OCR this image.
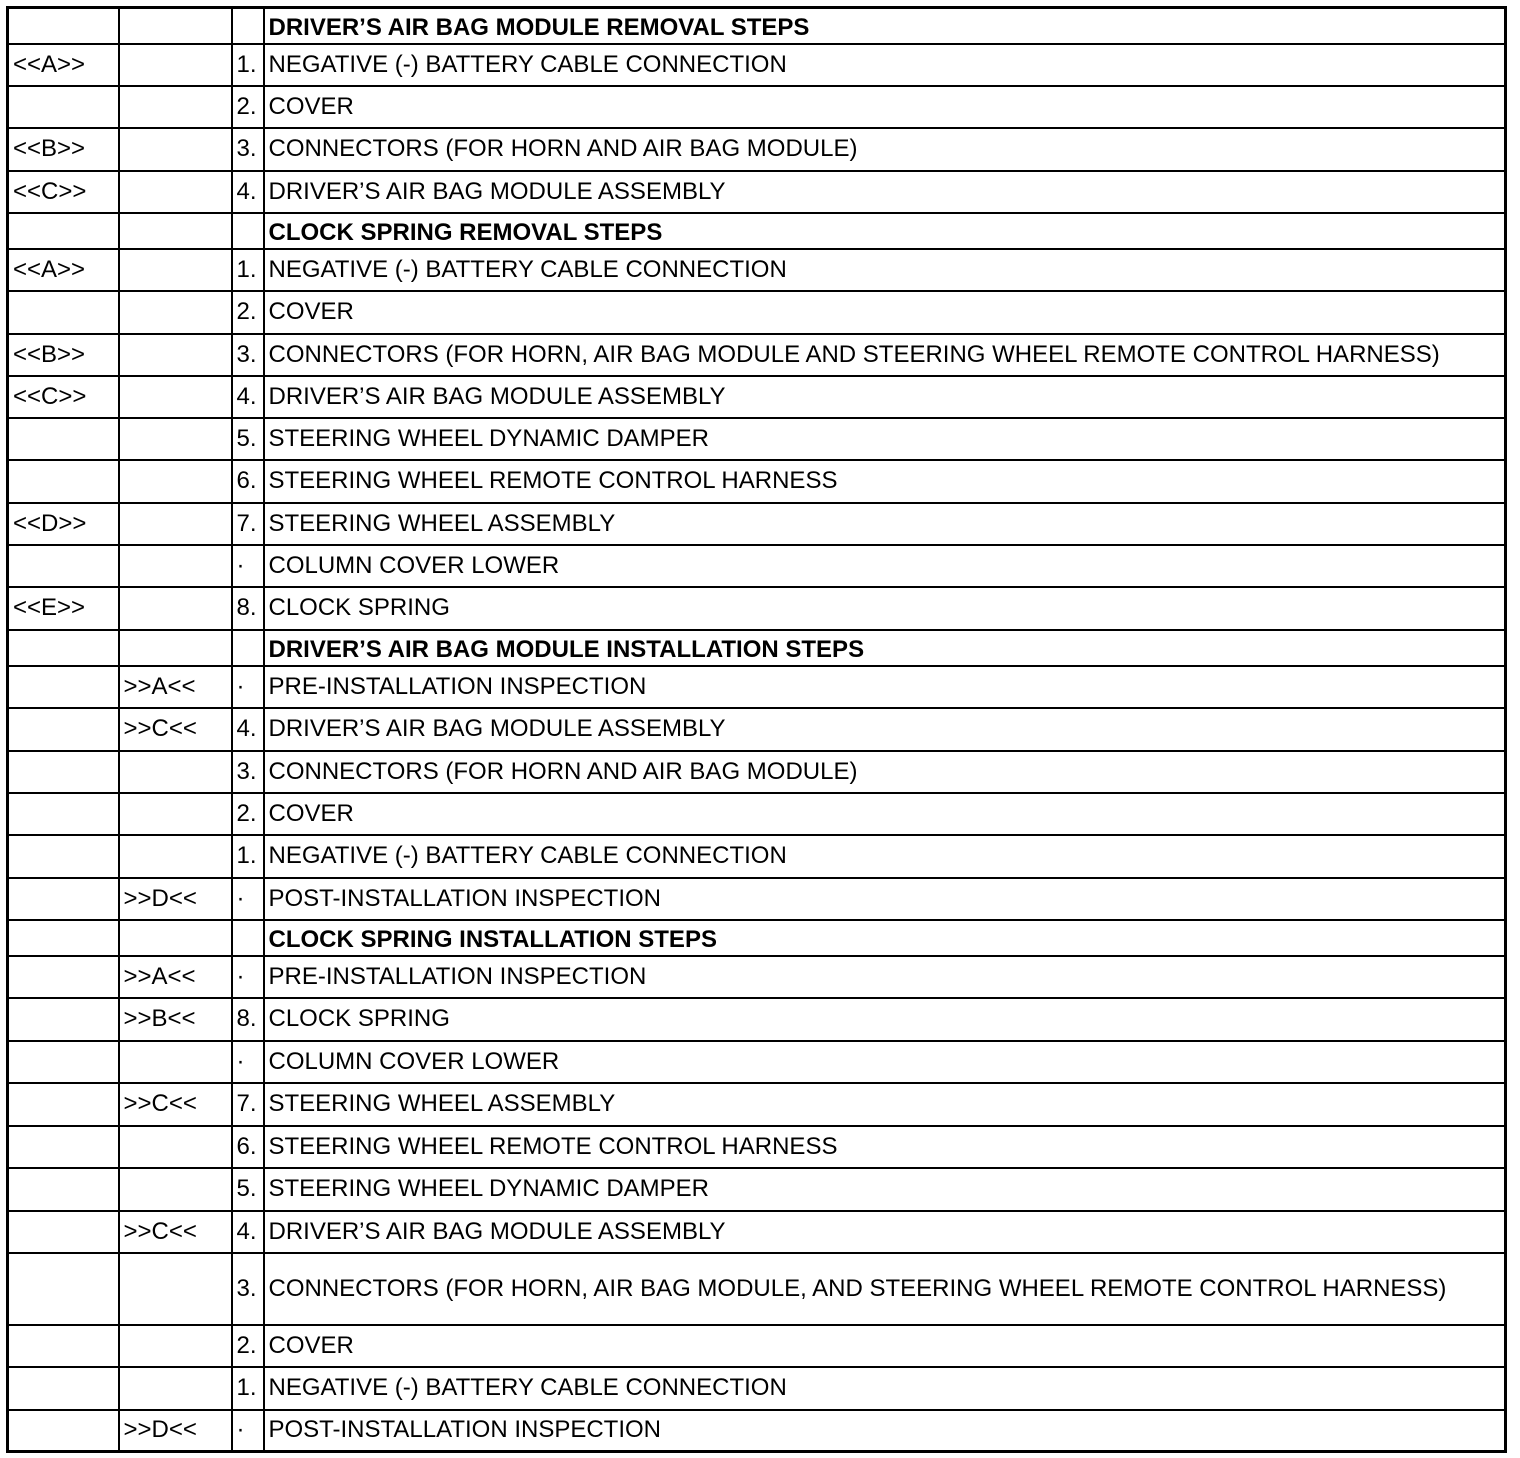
			DRIVER’S AIR BAG MODULE REMOVAL STEPS
<<A>>		1.	NEGATIVE (-) BATTERY CABLE CONNECTION
		2.	COVER
<<B>>		3.	CONNECTORS (FOR HORN AND AIR BAG MODULE)
<<C>>		4.	DRIVER’S AIR BAG MODULE ASSEMBLY
			CLOCK SPRING REMOVAL STEPS
<<A>>		1.	NEGATIVE (-) BATTERY CABLE CONNECTION
		2.	COVER
<<B>>		3.	CONNECTORS (FOR HORN, AIR BAG MODULE AND STEERING WHEEL REMOTE CONTROL HARNESS)
<<C>>		4.	DRIVER’S AIR BAG MODULE ASSEMBLY
		5.	STEERING WHEEL DYNAMIC DAMPER
		6.	STEERING WHEEL REMOTE CONTROL HARNESS
<<D>>		7.	STEERING WHEEL ASSEMBLY
		·	COLUMN COVER LOWER
<<E>>		8.	CLOCK SPRING
			DRIVER’S AIR BAG MODULE INSTALLATION STEPS
	>>A<<	·	PRE-INSTALLATION INSPECTION
	>>C<<	4.	DRIVER’S AIR BAG MODULE ASSEMBLY
		3.	CONNECTORS (FOR HORN AND AIR BAG MODULE)
		2.	COVER
		1.	NEGATIVE (-) BATTERY CABLE CONNECTION
	>>D<<	·	POST-INSTALLATION INSPECTION
			CLOCK SPRING INSTALLATION STEPS
	>>A<<	·	PRE-INSTALLATION INSPECTION
	>>B<<	8.	CLOCK SPRING
		·	COLUMN COVER LOWER
	>>C<<	7.	STEERING WHEEL ASSEMBLY
		6.	STEERING WHEEL REMOTE CONTROL HARNESS
		5.	STEERING WHEEL DYNAMIC DAMPER
	>>C<<	4.	DRIVER’S AIR BAG MODULE ASSEMBLY
		3.	CONNECTORS (FOR HORN, AIR BAG MODULE, AND STEERING WHEEL REMOTE CONTROL HARNESS)
		2.	COVER
		1.	NEGATIVE (-) BATTERY CABLE CONNECTION
	>>D<<	·	POST-INSTALLATION INSPECTION
